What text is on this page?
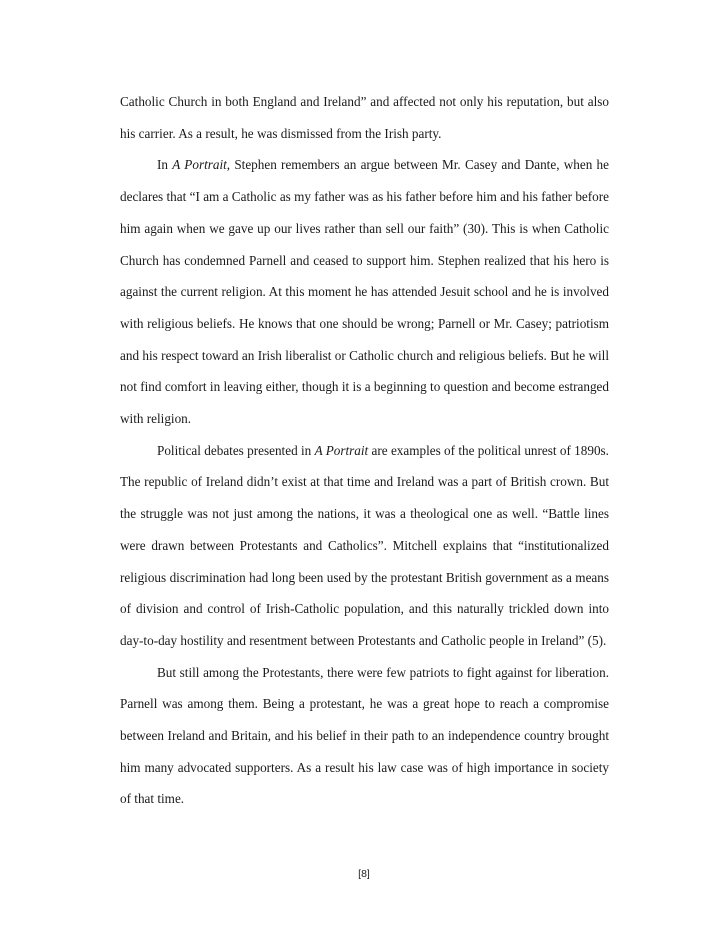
Catholic Church in both England and Ireland” and affected not only his reputation, but also his carrier. As a result, he was dismissed from the Irish party.

In A Portrait, Stephen remembers an argue between Mr. Casey and Dante, when he declares that “I am a Catholic as my father was as his father before him and his father before him again when we gave up our lives rather than sell our faith” (30). This is when Catholic Church has condemned Parnell and ceased to support him. Stephen realized that his hero is against the current religion. At this moment he has attended Jesuit school and he is involved with religious beliefs. He knows that one should be wrong; Parnell or Mr. Casey; patriotism and his respect toward an Irish liberalist or Catholic church and religious beliefs. But he will not find comfort in leaving either, though it is a beginning to question and become estranged with religion.

Political debates presented in A Portrait are examples of the political unrest of 1890s. The republic of Ireland didn’t exist at that time and Ireland was a part of British crown. But the struggle was not just among the nations, it was a theological one as well. “Battle lines were drawn between Protestants and Catholics”. Mitchell explains that “institutionalized religious discrimination had long been used by the protestant British government as a means of division and control of Irish-Catholic population, and this naturally trickled down into day-to-day hostility and resentment between Protestants and Catholic people in Ireland” (5).

But still among the Protestants, there were few patriots to fight against for liberation. Parnell was among them. Being a protestant, he was a great hope to reach a compromise between Ireland and Britain, and his belief in their path to an independence country brought him many advocated supporters. As a result his law case was of high importance in society of that time.

[8]
